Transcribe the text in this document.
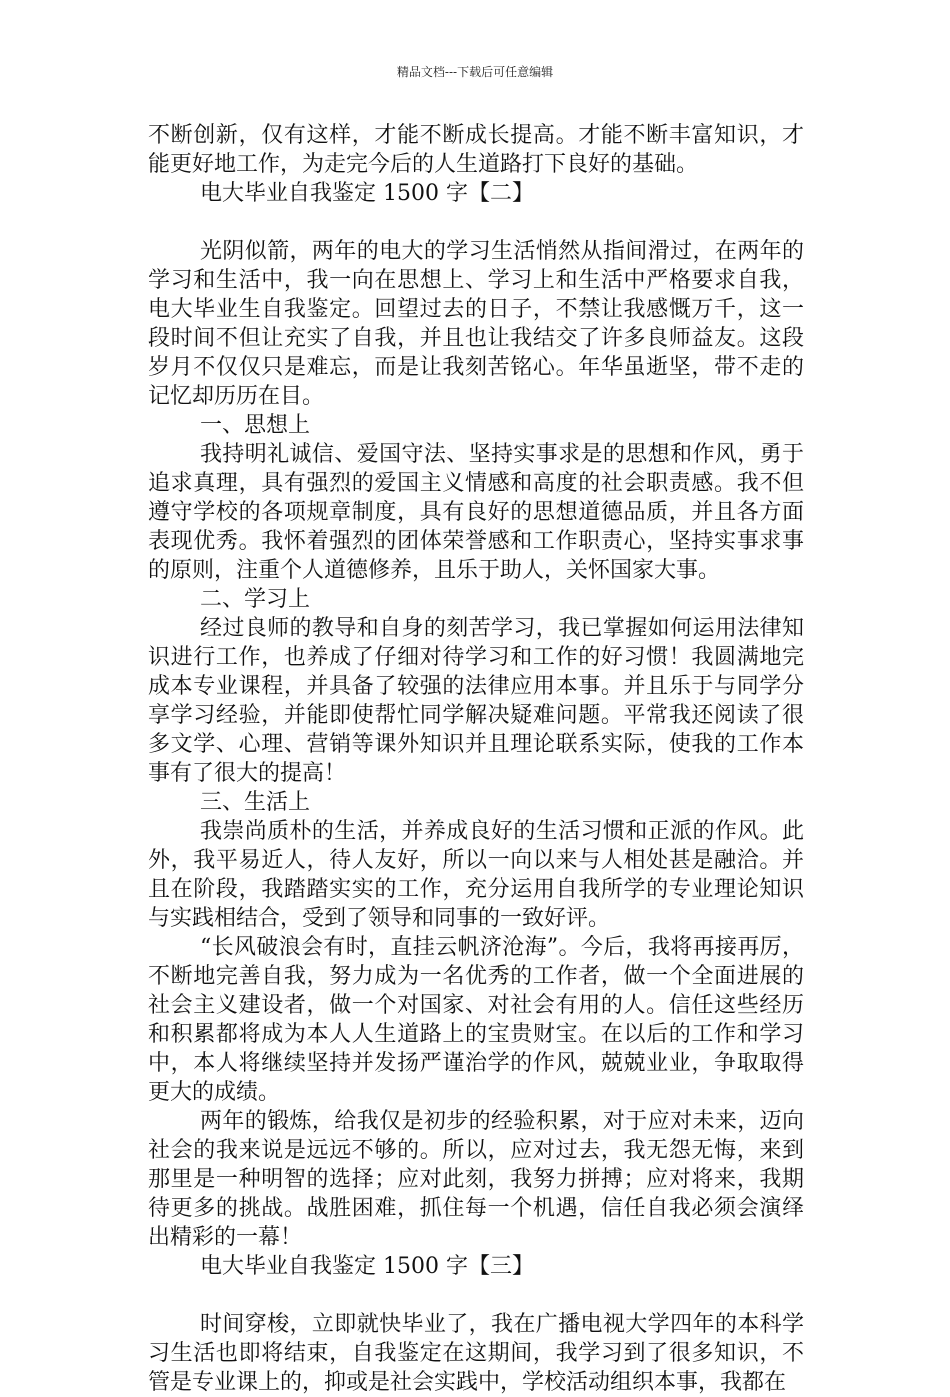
精品文档---下载后可任意编辑
不断创新，仅有这样，才能不断成长提高。才能不断丰富知识，才
能更好地工作，为走完今后的人生道路打下良好的基础。
电大毕业自我鉴定 1500 字【二】
光阴似箭，两年的电大的学习生活悄然从指间滑过，在两年的
学习和生活中，我一向在思想上、学习上和生活中严格要求自我，
电大毕业生自我鉴定。回望过去的日子，不禁让我感慨万千，这一
段时间不但让充实了自我，并且也让我结交了许多良师益友。这段
岁月不仅仅只是难忘，而是让我刻苦铭心。年华虽逝坚，带不走的
记忆却历历在目。
一、思想上
我持明礼诚信、爱国守法、坚持实事求是的思想和作风，勇于
追求真理，具有强烈的爱国主义情感和高度的社会职责感。我不但
遵守学校的各项规章制度，具有良好的思想道德品质，并且各方面
表现优秀。我怀着强烈的团体荣誉感和工作职责心，坚持实事求事
的原则，注重个人道德修养，且乐于助人，关怀国家大事。
二、学习上
经过良师的教导和自身的刻苦学习，我已掌握如何运用法律知
识进行工作，也养成了仔细对待学习和工作的好习惯！我圆满地完
成本专业课程，并具备了较强的法律应用本事。并且乐于与同学分
享学习经验，并能即使帮忙同学解决疑难问题。平常我还阅读了很
多文学、心理、营销等课外知识并且理论联系实际，使我的工作本
事有了很大的提高！
三、生活上
我崇尚质朴的生活，并养成良好的生活习惯和正派的作风。此
外，我平易近人，待人友好，所以一向以来与人相处甚是融洽。并
且在阶段，我踏踏实实的工作，充分运用自我所学的专业理论知识
与实践相结合，受到了领导和同事的一致好评。
“长风破浪会有时，直挂云帆济沧海”。今后，我将再接再厉，
不断地完善自我，努力成为一名优秀的工作者，做一个全面进展的
社会主义建设者，做一个对国家、对社会有用的人。信任这些经历
和积累都将成为本人人生道路上的宝贵财宝。在以后的工作和学习
中，本人将继续坚持并发扬严谨治学的作风，兢兢业业，争取取得
更大的成绩。
两年的锻炼，给我仅是初步的经验积累，对于应对未来，迈向
社会的我来说是远远不够的。所以，应对过去，我无怨无悔，来到
那里是一种明智的选择；应对此刻，我努力拼搏；应对将来，我期
待更多的挑战。战胜困难，抓住每一个机遇，信任自我必须会演绎
出精彩的一幕！
电大毕业自我鉴定 1500 字【三】
时间穿梭，立即就快毕业了，我在广播电视大学四年的本科学
习生活也即将结束，自我鉴定在这期间，我学习到了很多知识，不
管是专业课上的，抑或是社会实践中，学校活动组织本事，我都在
